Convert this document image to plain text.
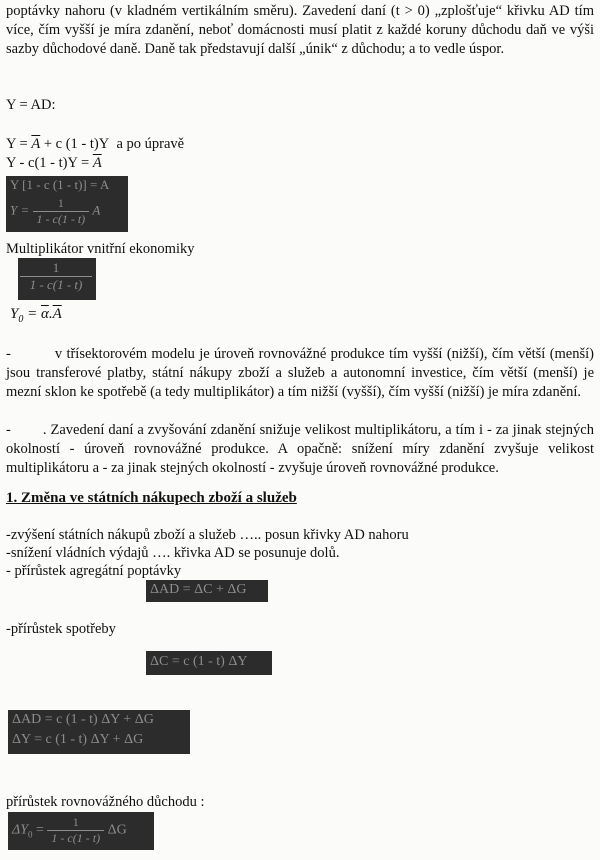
poptávky nahoru (v kladném vertikálním směru). Zavedení daní (t > 0) „zplošťuje“ křivku AD tím více, čím vyšší je míra zdanění, neboť domácnosti musí platit z každé koruny důchodu daň ve výši sazby důchodové daně. Daně tak představují další „únik“ z důchodu; a to vedle úspor.
Y = AD:
$Y = \overline{A} + c$ (1 - t)Y a po úpravě
$Y - c(1 - t)Y = \overline{A}$
Y [1 - c (1 - t)] = A
$Y = \frac{1}{1 - c(1 - t)}$ A
Multiplikátor vnitřní ekonomiky
$\frac{1}{1 - c(1 - t)}$
$Y_0 = \overline{\alpha}.\overline{A}$
-	v třísektorovém modelu je úroveň rovnovážné produkce tím vyšší (nižší), čím větší (menší) jsou transferové platby, státní nákupy zboží a služeb a autonomní investice, čím větší (menší) je mezní sklon ke spotřebě (a tedy multiplikátor) a tím nižší (vyšší), čím vyšší (nižší) je míra zdanění.
- . Zavedení daní a zvyšování zdanění snižuje velikost multiplikátoru, a tím i - za jinak stejných okolností - úroveň rovnovážné produkce. A opačně: snížení míry zdanění zvyšuje velikost multiplikátoru a - za jinak stejných okolností - zvyšuje úroveň rovnovážné produkce.
1. Změna ve státních nákupech zboží a služeb
-zvýšení státních nákupů zboží a služeb ….. posun křivky AD nahoru
-snížení vládních výdajů …. křivka AD se posunuje dolů.
- přírůstek agregátní poptávky
ΔAD = ΔC + ΔG
-přírůstek spotřeby
ΔC = c (1 - t) ΔY
ΔAD = c (1 - t) ΔY + ΔG
ΔY = c (1 - t) ΔY + ΔG
přírůstek rovnovážného důchodu :
$\Delta Y_0 = \frac{1}{1 - c(1 - t)}$ ΔG
